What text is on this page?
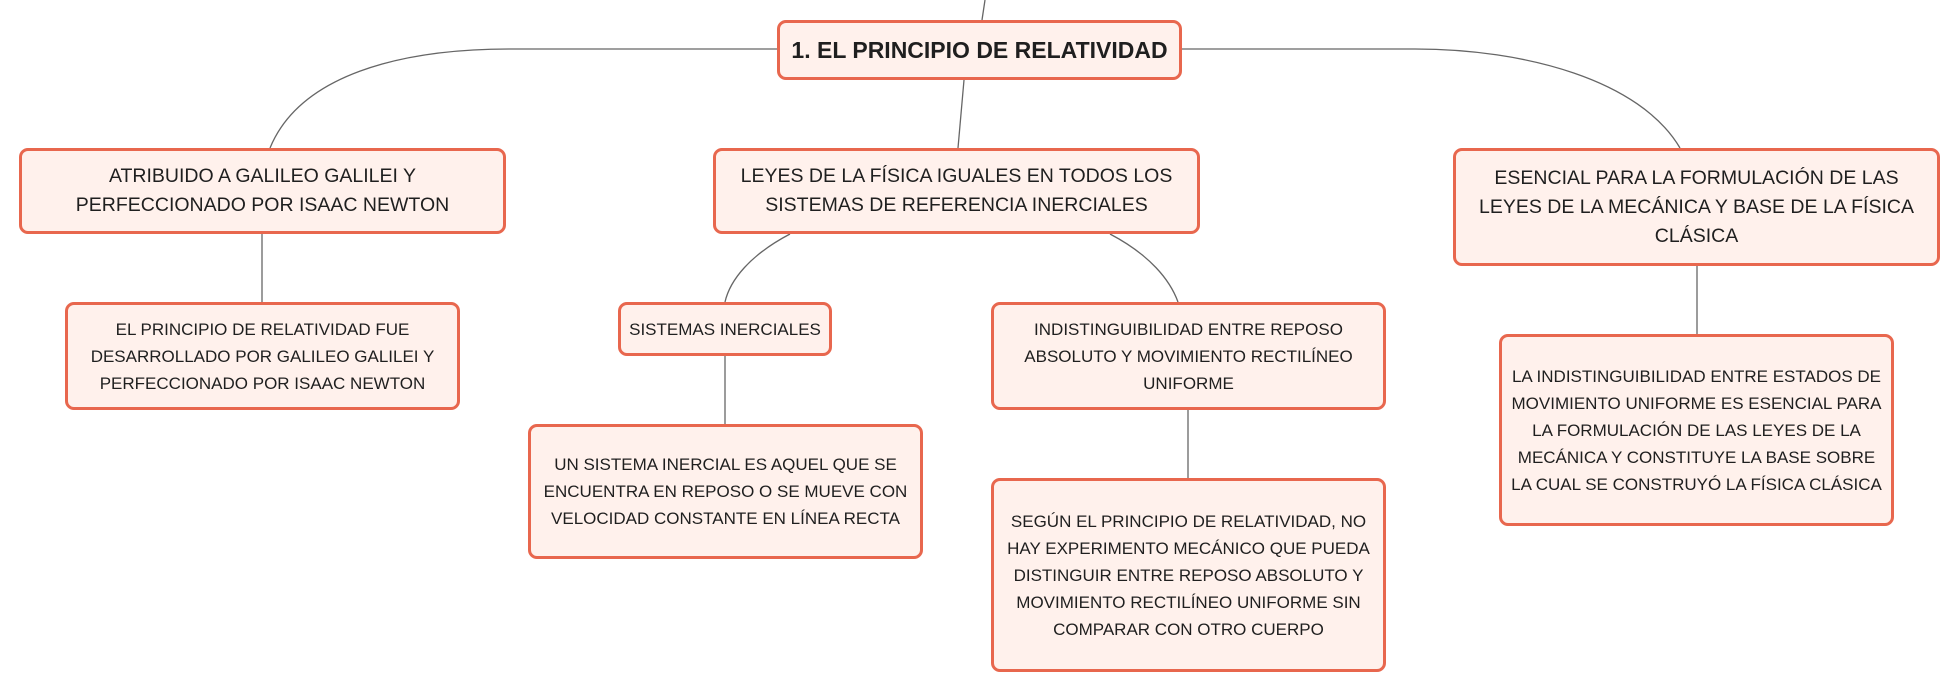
1. EL PRINCIPIO DE RELATIVIDAD
ATRIBUIDO A GALILEO GALILEI Y PERFECCIONADO POR ISAAC NEWTON
LEYES DE LA FÍSICA IGUALES EN TODOS LOS SISTEMAS DE REFERENCIA INERCIALES
ESENCIAL PARA LA FORMULACIÓN DE LAS LEYES DE LA MECÁNICA Y BASE DE LA FÍSICA CLÁSICA
EL PRINCIPIO DE RELATIVIDAD FUE DESARROLLADO POR GALILEO GALILEI Y PERFECCIONADO POR ISAAC NEWTON
SISTEMAS INERCIALES	INDISTINGUIBILIDAD ENTRE REPOSO ABSOLUTO Y MOVIMIENTO RECTILÍNEO UNIFORME
UN SISTEMA INERCIAL ES AQUEL QUE SE ENCUENTRA EN REPOSO O SE MUEVE CON VELOCIDAD CONSTANTE EN LÍNEA RECTA	SEGÚN EL PRINCIPIO DE RELATIVIDAD, NO HAY EXPERIMENTO MECÁNICO QUE PUEDA DISTINGUIR ENTRE REPOSO ABSOLUTO Y MOVIMIENTO RECTILÍNEO UNIFORME SIN COMPARAR CON OTRO CUERPO
LA INDISTINGUIBILIDAD ENTRE ESTADOS DE MOVIMIENTO UNIFORME ES ESENCIAL PARA LA FORMULACIÓN DE LAS LEYES DE LA MECÁNICA Y CONSTITUYE LA BASE SOBRE LA CUAL SE CONSTRUYÓ LA FÍSICA CLÁSICA
